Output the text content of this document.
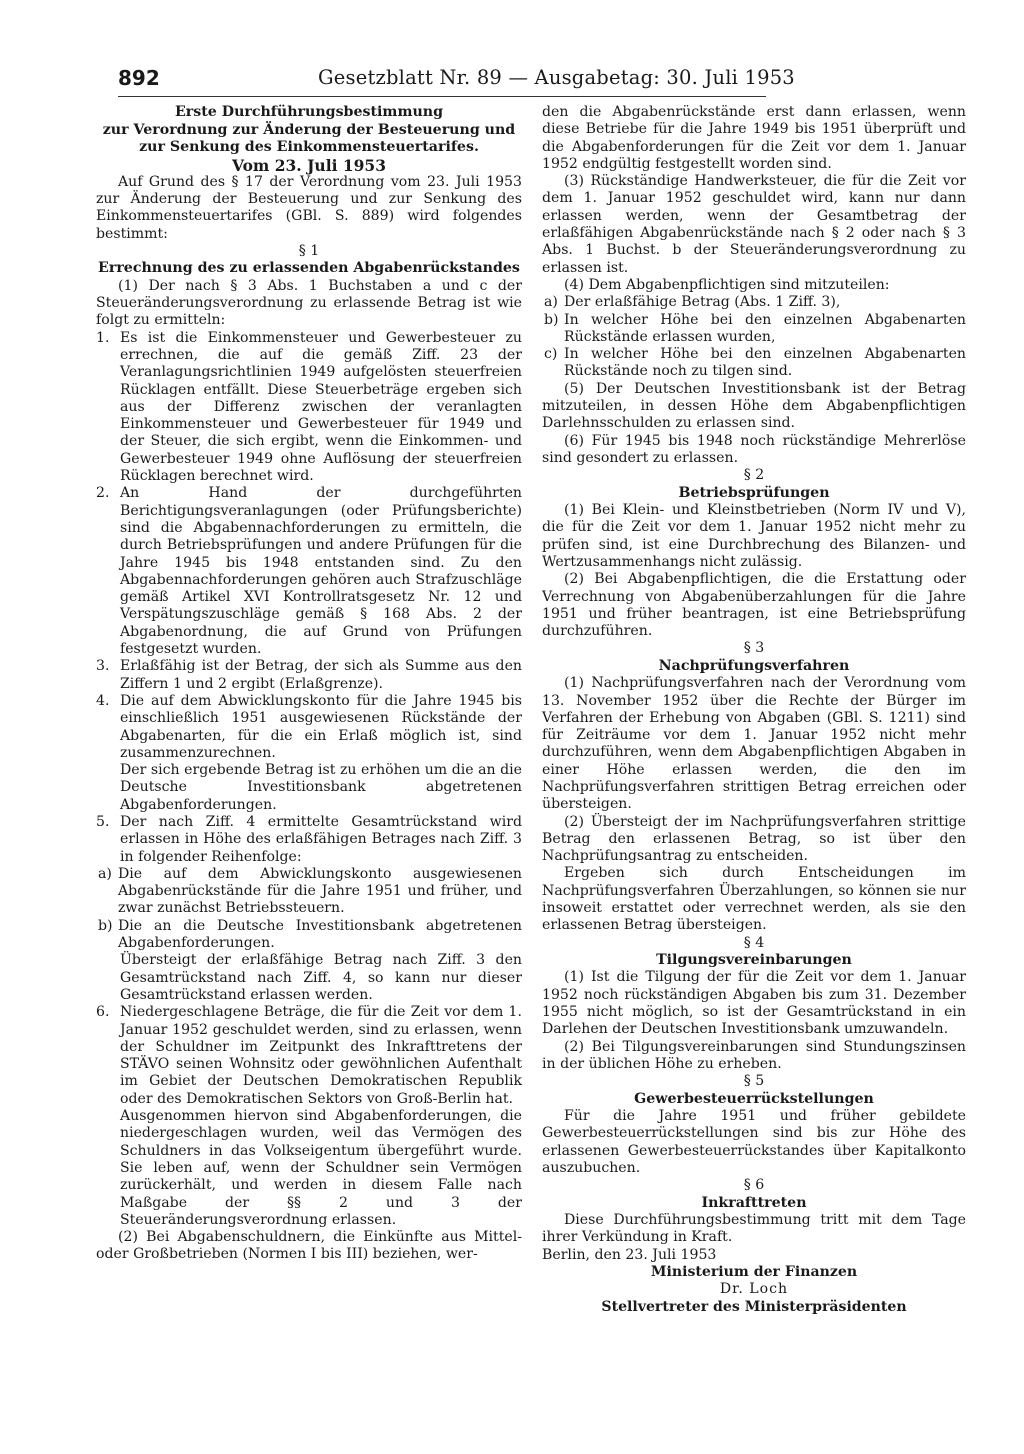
892	Gesetzblatt Nr. 89 — Ausgabetag: 30. Juli 1953

Erste Durchführungsbestimmung

zur Verordnung zur Änderung der Besteuerung und

zur Senkung des Einkommensteuertarifes.

Vom 23. Juli 1953

Auf Grund des § 17 der Verordnung vom 23. Juli 1953 zur Änderung der Besteuerung und zur Senkung des Einkommensteuertarifes (GBl. S. 889) wird folgendes bestimmt:

§ 1

Errechnung des zu erlassenden Abgabenrückstandes

(1) Der nach § 3 Abs. 1 Buchstaben a und c der Steueränderungsverordnung zu erlassende Betrag ist wie folgt zu ermitteln:

1. Es ist die Einkommensteuer und Gewerbesteuer zu errechnen, die auf die gemäß Ziff. 23 der Veranlagungsrichtlinien 1949 aufgelösten steuerfreien Rücklagen entfällt. Diese Steuerbeträge ergeben sich aus der Differenz zwischen der veranlagten Einkommensteuer und Gewerbesteuer für 1949 und der Steuer, die sich ergibt, wenn die Einkommen- und Gewerbesteuer 1949 ohne Auflösung der steuerfreien Rücklagen berechnet wird.
2. An Hand der durchgeführten Berichtigungsveranlagungen (oder Prüfungsberichte) sind die Abgabennachforderungen zu ermitteln, die durch Betriebsprüfungen und andere Prüfungen für die Jahre 1945 bis 1948 entstanden sind. Zu den Abgabennachforderungen gehören auch Strafzuschläge gemäß Artikel XVI Kontrollratsgesetz Nr. 12 und Verspätungszuschläge gemäß § 168 Abs. 2 der Abgabenordnung, die auf Grund von Prüfungen festgesetzt wurden.
3. Erlaßfähig ist der Betrag, der sich als Summe aus den Ziffern 1 und 2 ergibt (Erlaßgrenze).
4. Die auf dem Abwicklungskonto für die Jahre 1945 bis einschließlich 1951 ausgewiesenen Rückstände der Abgabenarten, für die ein Erlaß möglich ist, sind zusammenzurechnen.

Der sich ergebende Betrag ist zu erhöhen um die an die Deutsche Investitionsbank abgetretenen Abgabenforderungen.

5. Der nach Ziff. 4 ermittelte Gesamtrückstand wird erlassen in Höhe des erlaßfähigen Betrages nach Ziff. 3 in folgender Reihenfolge:
a) Die auf dem Abwicklungskonto ausgewiesenen Abgabenrückstände für die Jahre 1951 und früher, und zwar zunächst Betriebssteuern.
b) Die an die Deutsche Investitionsbank abgetretenen Abgabenforderungen.

Übersteigt der erlaßfähige Betrag nach Ziff. 3 den Gesamtrückstand nach Ziff. 4, so kann nur dieser Gesamtrückstand erlassen werden.

6. Niedergeschlagene Beträge, die für die Zeit vor dem 1. Januar 1952 geschuldet werden, sind zu erlassen, wenn der Schuldner im Zeitpunkt des Inkrafttretens der STÄVO seinen Wohnsitz oder gewöhnlichen Aufenthalt im Gebiet der Deutschen Demokratischen Republik oder des Demokratischen Sektors von Groß-Berlin hat.

Ausgenommen hiervon sind Abgabenforderungen, die niedergeschlagen wurden, weil das Vermögen des Schuldners in das Volkseigentum übergeführt wurde. Sie leben auf, wenn der Schuldner sein Vermögen zurückerhält, und werden in diesem Falle nach Maßgabe der §§ 2 und 3 der Steueränderungsverordnung erlassen.

(2) Bei Abgabenschuldnern, die Einkünfte aus Mittel- oder Großbetrieben (Normen I bis III) beziehen, wer-

den die Abgabenrückstände erst dann erlassen, wenn diese Betriebe für die Jahre 1949 bis 1951 überprüft und die Abgabenforderungen für die Zeit vor dem 1. Januar 1952 endgültig festgestellt worden sind.

(3) Rückständige Handwerksteuer, die für die Zeit vor dem 1. Januar 1952 geschuldet wird, kann nur dann erlassen werden, wenn der Gesamtbetrag der erlaßfähigen Abgabenrückstände nach § 2 oder nach § 3 Abs. 1 Buchst. b der Steueränderungsverordnung zu erlassen ist.

(4) Dem Abgabenpflichtigen sind mitzuteilen:

a) Der erlaßfähige Betrag (Abs. 1 Ziff. 3),
b) In welcher Höhe bei den einzelnen Abgabenarten Rückstände erlassen wurden,
c) In welcher Höhe bei den einzelnen Abgabenarten Rückstände noch zu tilgen sind.

(5) Der Deutschen Investitionsbank ist der Betrag mitzuteilen, in dessen Höhe dem Abgabenpflichtigen Darlehnsschulden zu erlassen sind.

(6) Für 1945 bis 1948 noch rückständige Mehrerlöse sind gesondert zu erlassen.

§ 2

Betriebsprüfungen

(1) Bei Klein- und Kleinstbetrieben (Norm IV und V), die für die Zeit vor dem 1. Januar 1952 nicht mehr zu prüfen sind, ist eine Durchbrechung des Bilanzen- und Wertzusammenhangs nicht zulässig.

(2) Bei Abgabenpflichtigen, die die Erstattung oder Verrechnung von Abgabenüberzahlungen für die Jahre 1951 und früher beantragen, ist eine Betriebsprüfung durchzuführen.

§ 3

Nachprüfungsverfahren

(1) Nachprüfungsverfahren nach der Verordnung vom 13. November 1952 über die Rechte der Bürger im Verfahren der Erhebung von Abgaben (GBl. S. 1211) sind für Zeiträume vor dem 1. Januar 1952 nicht mehr durchzuführen, wenn dem Abgabenpflichtigen Abgaben in einer Höhe erlassen werden, die den im Nachprüfungsverfahren strittigen Betrag erreichen oder übersteigen.

(2) Übersteigt der im Nachprüfungsverfahren strittige Betrag den erlassenen Betrag, so ist über den Nachprüfungsantrag zu entscheiden.

Ergeben sich durch Entscheidungen im Nachprüfungsverfahren Überzahlungen, so können sie nur insoweit erstattet oder verrechnet werden, als sie den erlassenen Betrag übersteigen.

§ 4

Tilgungsvereinbarungen

(1) Ist die Tilgung der für die Zeit vor dem 1. Januar 1952 noch rückständigen Abgaben bis zum 31. Dezember 1955 nicht möglich, so ist der Gesamtrückstand in ein Darlehen der Deutschen Investitionsbank umzuwandeln.

(2) Bei Tilgungsvereinbarungen sind Stundungszinsen in der üblichen Höhe zu erheben.

§ 5

Gewerbesteuerrückstellungen

Für die Jahre 1951 und früher gebildete Gewerbesteuerrückstellungen sind bis zur Höhe des erlassenen Gewerbesteuerrückstandes über Kapitalkonto auszubuchen.

§ 6

Inkrafttreten

Diese Durchführungsbestimmung tritt mit dem Tage ihrer Verkündung in Kraft.

Berlin, den 23. Juli 1953

Ministerium der Finanzen

Dr. Loch

Stellvertreter des Ministerpräsidenten
